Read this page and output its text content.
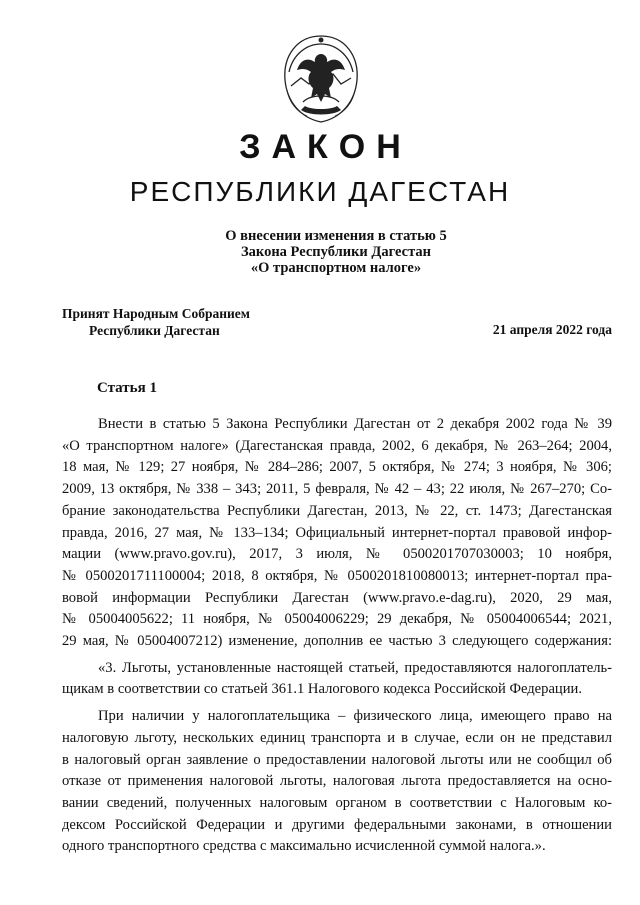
ЗАКОН
РЕСПУБЛИКИ ДАГЕСТАН
О внесении изменения в статью 5
Закона Республики Дагестан
«О транспортном налоге»
Принят Народным Собранием
Республики Дагестан	21 апреля 2022 года
Статья 1

Внести в статью 5 Закона Республики Дагестан от 2 декабря 2002 года № 39

«О транспортном налоге» (Дагестанская правда, 2002, 6 декабря, № 263–264; 2004,

18 мая, № 129; 27 ноября, № 284–286; 2007, 5 октября, № 274; 3 ноября, № 306;

2009, 13 октября, № 338 – 343; 2011, 5 февраля, № 42 – 43; 22 июля, № 267–270; Со-

брание законодательства Республики Дагестан, 2013, № 22, ст. 1473; Дагестанская

правда, 2016, 27 мая, № 133–134; Официальный интернет-портал правовой инфор-

мации (www.pravo.gov.ru), 2017, 3 июля, № 0500201707030003; 10 ноября,

№ 0500201711100004; 2018, 8 октября, № 0500201810080013; интернет-портал пра-

вовой информации Республики Дагестан (www.pravo.e-dag.ru), 2020, 29 мая,

№ 05004005622; 11 ноября, № 05004006229; 29 декабря, № 05004006544; 2021,

29 мая, № 05004007212) изменение, дополнив ее частью 3 следующего содержания:

«3. Льготы, установленные настоящей статьей, предоставляются налогоплатель-

щикам в соответствии со статьей 361.1 Налогового кодекса Российской Федерации.

При наличии у налогоплательщика – физического лица, имеющего право на

налоговую льготу, нескольких единиц транспорта и в случае, если он не представил

в налоговый орган заявление о предоставлении налоговой льготы или не сообщил об

отказе от применения налоговой льготы, налоговая льгота предоставляется на осно-

вании сведений, полученных налоговым органом в соответствии с Налоговым ко-

дексом Российской Федерации и другими федеральными законами, в отношении

одного транспортного средства с максимально исчисленной суммой налога.».
